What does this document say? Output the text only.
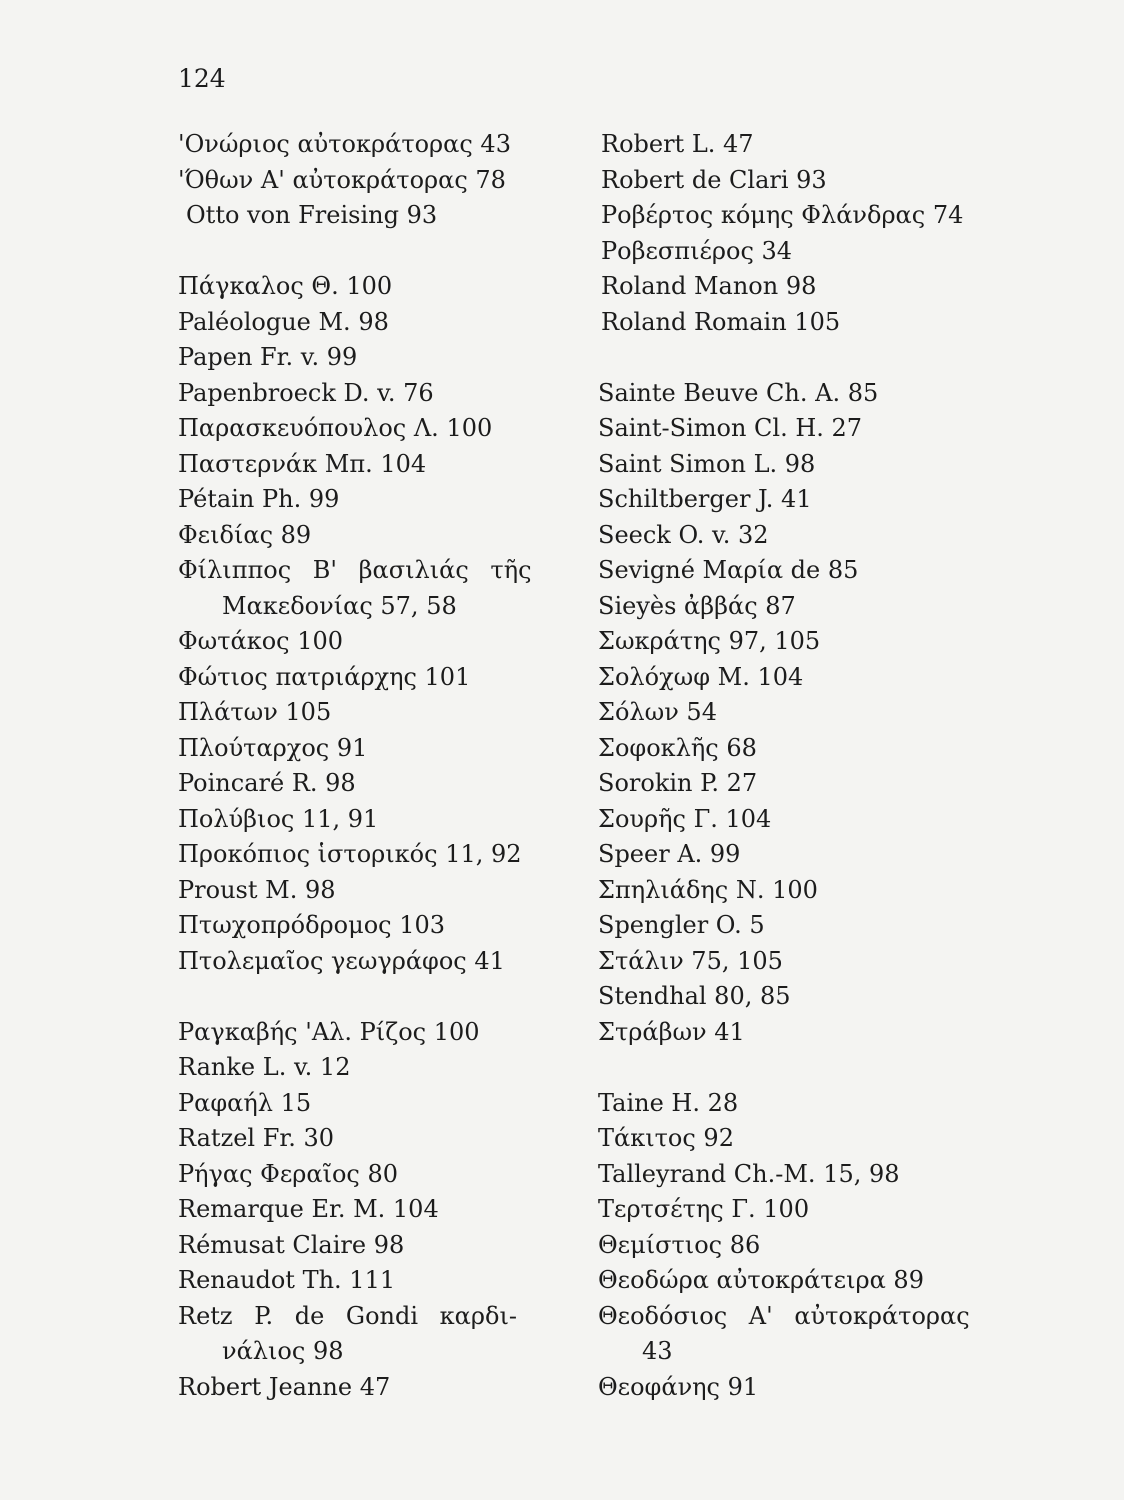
124
'Ονώριος αὐτοκράτορας 43
'Όθων Α' αὐτοκράτορας 78
Otto von Freising 93
Πάγκαλος Θ. 100
Paléologue M. 98
Papen Fr. v. 99
Papenbroeck D. v. 76
Παρασκευόπουλος Λ. 100
Παστερνάκ Μπ. 104
Pétain Ph. 99
Φειδίας 89
Φίλιππος Β' βασιλιάς τῆς
Μακεδονίας 57, 58
Φωτάκος 100
Φώτιος πατριάρχης 101
Πλάτων 105
Πλούταρχος 91
Poincaré R. 98
Πολύβιος 11, 91
Προκόπιος ἱστορικός 11, 92
Proust M. 98
Πτωχοπρόδρομος 103
Πτολεμαῖος γεωγράφος 41
Ραγκαβής 'Αλ. Ρίζος 100
Ranke L. v. 12
Ραφαήλ 15
Ratzel Fr. 30
Ρήγας Φεραῖος 80
Remarque Er. M. 104
Rémusat Claire 98
Renaudot Th. 111
Retz P. de Gondi καρδι-
νάλιος 98
Robert Jeanne 47
Robert L. 47
Robert de Clari 93
Ροβέρτος κόμης Φλάνδρας 74
Ροβεσπιέρος 34
Roland Manon 98
Roland Romain 105
Sainte Beuve Ch. A. 85
Saint-Simon Cl. H. 27
Saint Simon L. 98
Schiltberger J. 41
Seeck O. v. 32
Sevigné Μαρία de 85
Sieyès ἀββάς 87
Σωκράτης 97, 105
Σολόχωφ Μ. 104
Σόλων 54
Σοφοκλῆς 68
Sorokin P. 27
Σουρῆς Γ. 104
Speer A. 99
Σπηλιάδης Ν. 100
Spengler O. 5
Στάλιν 75, 105
Stendhal 80, 85
Στράβων 41
Taine H. 28
Τάκιτος 92
Talleyrand Ch.-M. 15, 98
Τερτσέτης Γ. 100
Θεμίστιος 86
Θεοδώρα αὐτοκράτειρα 89
Θεοδόσιος Α' αὐτοκράτορας
43
Θεοφάνης 91
